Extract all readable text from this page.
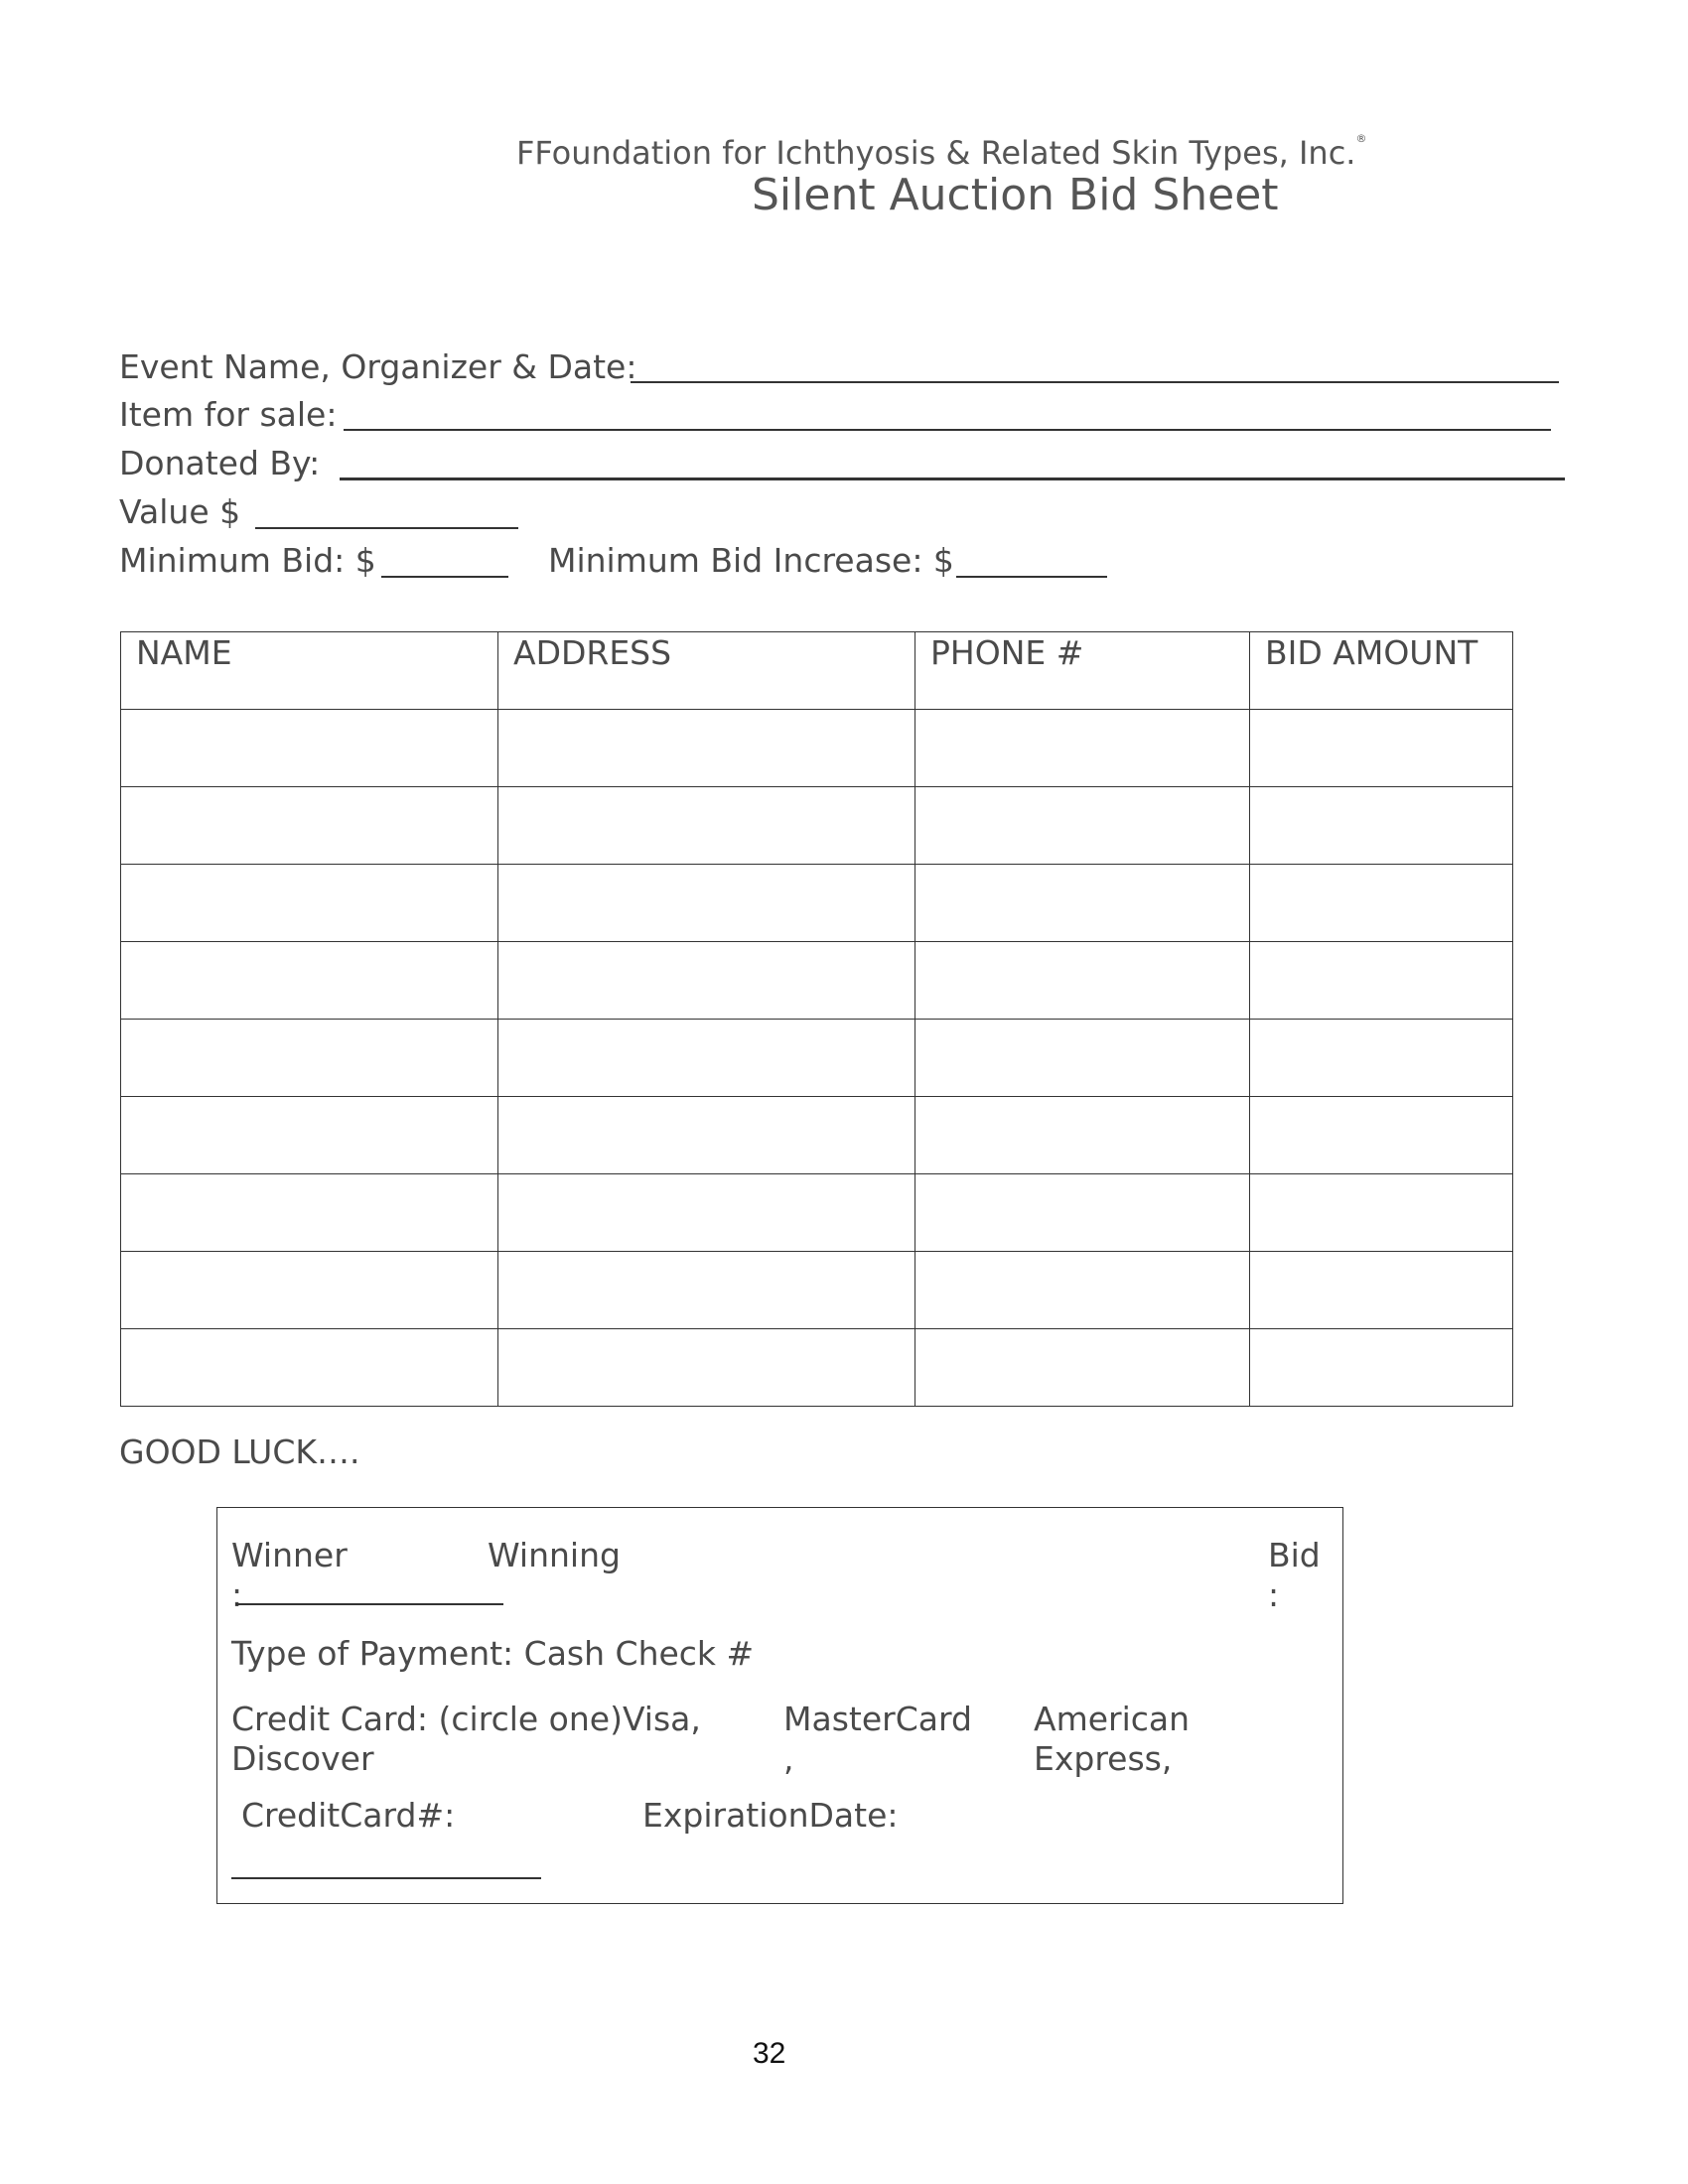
FFoundation for Ichthyosis & Related Skin Types, Inc.®
Silent Auction Bid Sheet
Event Name, Organizer & Date:
Item for sale:
Donated By:
Value $
Minimum Bid: $	Minimum Bid Increase: $
NAME	ADDRESS	PHONE #	BID AMOUNT

GOOD LUCK….
Winner
:
Winning	Bid
:
Type of Payment: Cash Check #
Credit Card: (circle one)Visa,
Discover
MasterCard
,
American
Express,
CreditCard#:	ExpirationDate:
32
